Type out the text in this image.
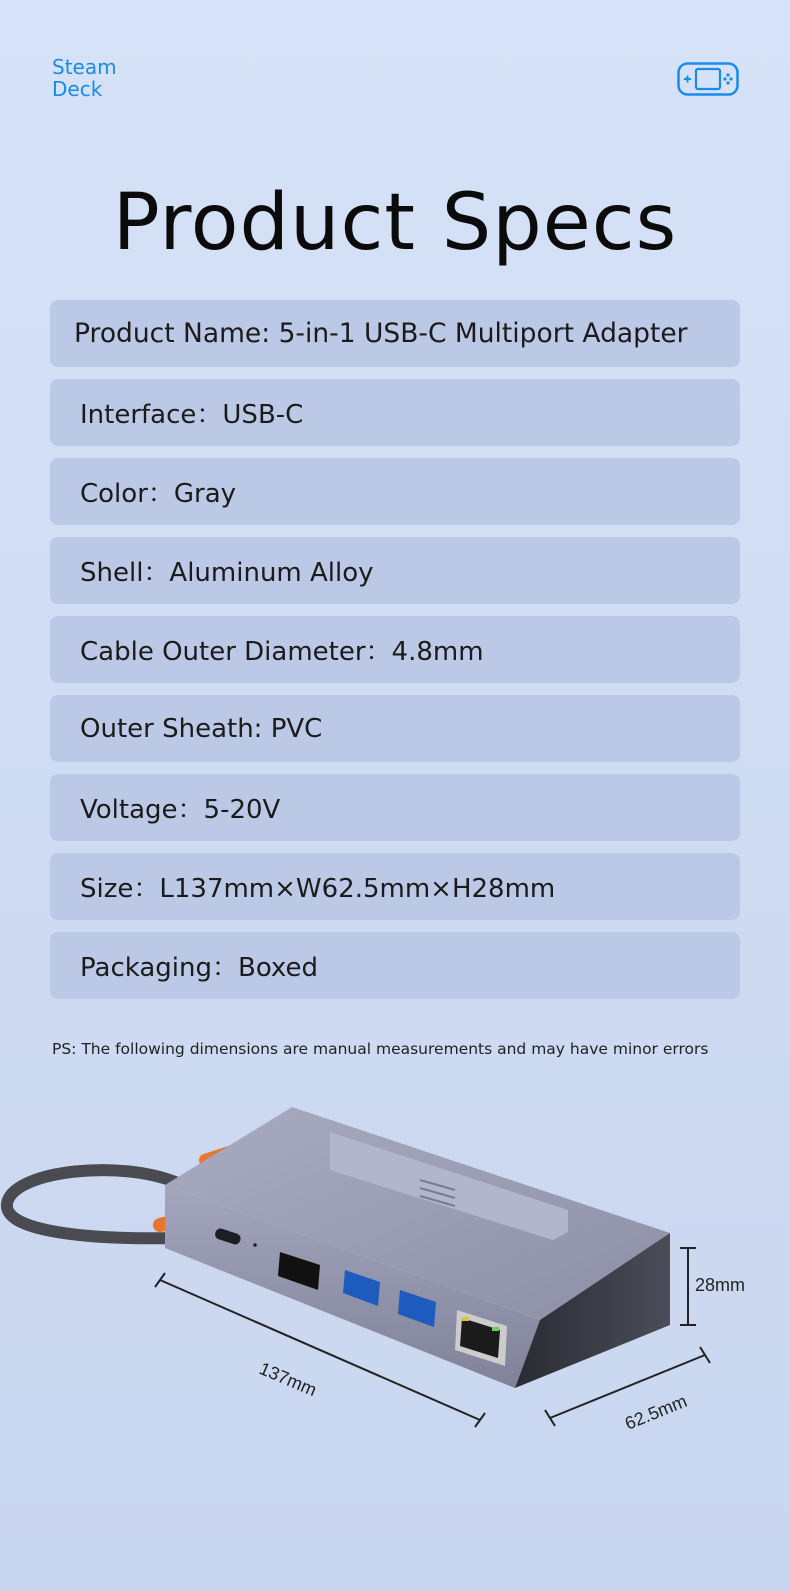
Steam
Deck
Product Specs
Product Name: 5-in-1 USB-C Multiport Adapter
Interface：USB-C
Color：Gray
Shell：Aluminum Alloy
Cable Outer Diameter：4.8mm
Outer Sheath: PVC
Voltage：5-20V
Size：L137mm×W62.5mm×H28mm
Packaging：Boxed
PS: The following dimensions are manual measurements and may have minor errors
137mm
62.5mm
28mm
